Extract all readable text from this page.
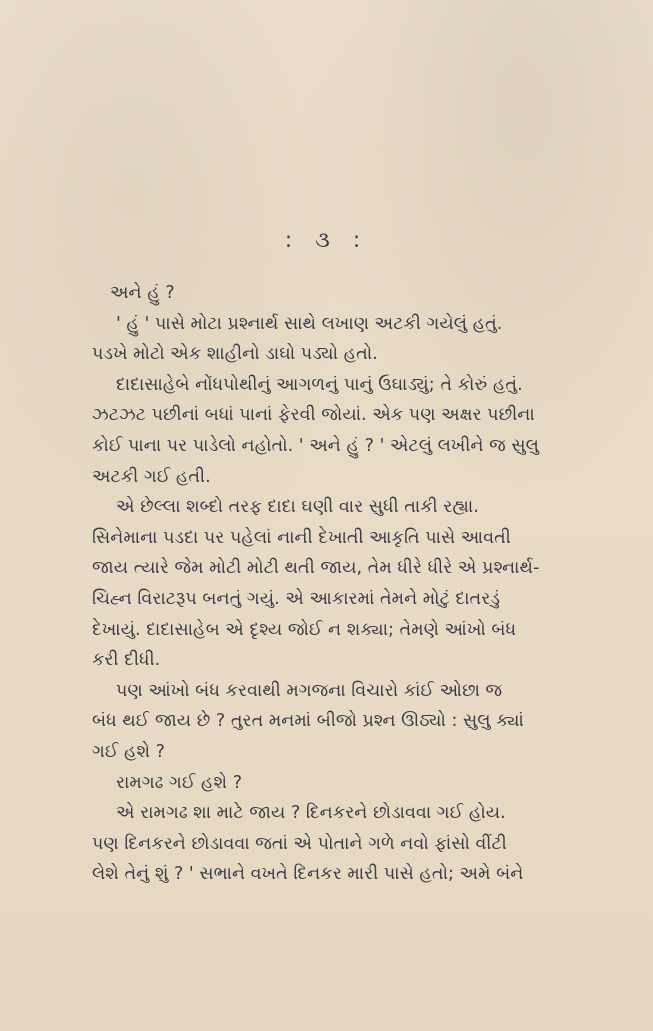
: ૩ :

અને હું ?

' હું ' પાસે મોટા પ્રશ્નાર્થ સાથે લખાણ અટકી ગયેલું હતું.

પડખે મોટો એક શાહીનો ડાઘો પડ્યો હતો.

દાદાસાહેબે નોંધપોથીનું આગળનું પાનું ઉઘાડ્યું; તે કોરું હતું.

ઝટઝટ પછીનાં બધાં પાનાં ફેરવી જોયાં. એક પણ અક્ષર પછીના

કોઈ પાના પર પાડેલો નહોતો. ' અને હું ? ' એટલું લખીને જ સુલુ

અટકી ગઈ હતી.

એ છેલ્લા શબ્દો તરફ દાદા ઘણી વાર સુધી તાકી રહ્યા.

સિનેમાના પડદા પર પહેલાં નાની દેખાતી આકૃતિ પાસે આવતી

જાય ત્યારે જેમ મોટી મોટી થતી જાય, તેમ ધીરે ધીરે એ પ્રશ્નાર્થ-

ચિહ્ન વિરાટરૂપ બનતું ગયું. એ આકારમાં તેમને મોટું દાતરડું

દેખાયું. દાદાસાહેબ એ દૃશ્ય જોઈ ન શક્યા; તેમણે આંખો બંધ

કરી દીધી.

પણ આંખો બંધ કરવાથી મગજના વિચારો કાંઈ ઓછા જ

બંધ થઈ જાય છે ? તુરત મનમાં બીજો પ્રશ્ન ઊઠ્યો : સુલુ ક્યાં

ગઈ હશે ?

રામગઢ ગઈ હશે ?

એ રામગઢ શા માટે જાય ? દિનકરને છોડાવવા ગઈ હોય.

પણ દિનકરને છોડાવવા જતાં એ પોતાને ગળે નવો ફાંસો વીંટી

લેશે તેનું શું ? ' સભાને વખતે દિનકર મારી પાસે હતો; અમે બંને
